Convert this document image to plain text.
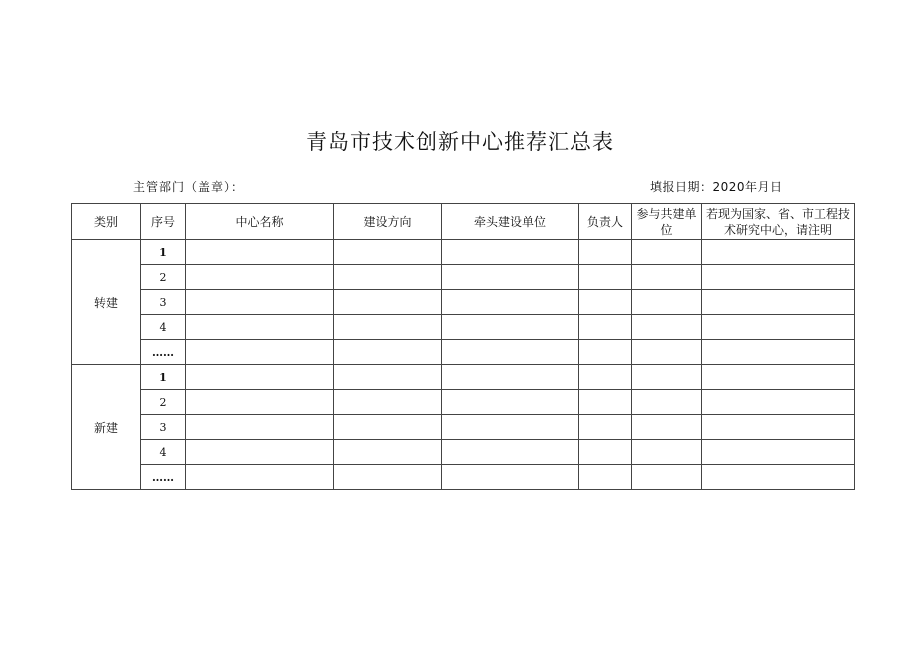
青岛市技术创新中心推荐汇总表
主管部门（盖章）：	填报日期：2020年月日
类别	序号	中心名称	建设方向	牵头建设单位	负责人	参与共建单位	若现为国家、省、市工程技术研究中心，请注明
转建	1						
	2						
	3						
	4						
	……						
新建	1						
	2						
	3						
	4						
	……						
